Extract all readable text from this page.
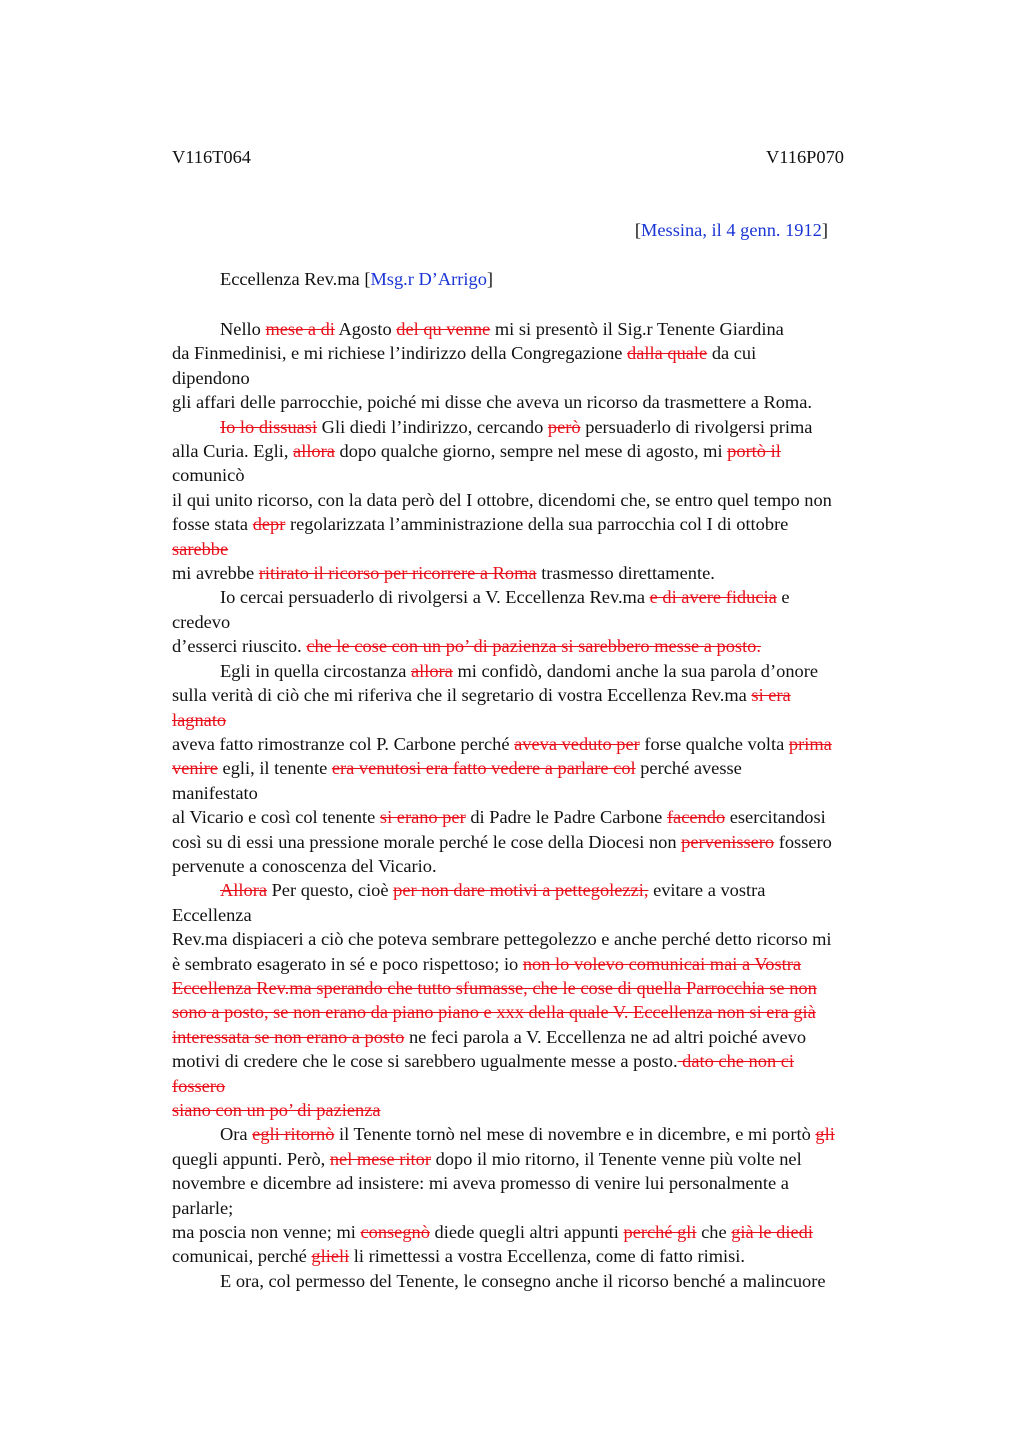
V116T064	V116P070
[Messina, il 4 genn. 1912]
Eccellenza Rev.ma [Msg.r D’Arrigo]

Nello mese a di Agosto del qu venne mi si presentò il Sig.r Tenente Giardina
da Finmedinisi, e mi richiese l’indirizzo della Congregazione dalla quale da cui

dipendono

gli affari delle parrocchie, poiché mi disse che aveva un ricorso da trasmettere a Roma.

Io lo dissuasi Gli diedi l’indirizzo, cercando però persuaderlo di rivolgersi prima
alla Curia. Egli, allora dopo qualche giorno, sempre nel mese di agosto, mi portò il

comunicò

il qui unito ricorso, con la data però del I ottobre, dicendomi che, se entro quel tempo non
fosse stata depr regolarizzata l’amministrazione della sua parrocchia col I di ottobre

sarebbe

mi avrebbe ritirato il ricorso per ricorrere a Roma trasmesso direttamente.

Io cercai persuaderlo di rivolgersi a V. Eccellenza Rev.ma e di avere fiducia e

credevo

d’esserci riuscito. che le cose con un po’ di pazienza si sarebbero messe a posto.

Egli in quella circostanza allora mi confidò, dandomi anche la sua parola d’onore
sulla verità di ciò che mi riferiva che il segretario di vostra Eccellenza Rev.ma si era

lagnato

aveva fatto rimostranze col P. Carbone perché aveva veduto per forse qualche volta prima
venire egli, il tenente era venutosi era fatto vedere a parlare col perché avesse

manifestato

al Vicario e così col tenente si erano per di Padre le Padre Carbone facendo esercitandosi
così su di essi una pressione morale perché le cose della Diocesi non pervenissero fossero
pervenute a conoscenza del Vicario.

Allora Per questo, cioè per non dare motivi a pettegolezzi, evitare a vostra

Eccellenza

Rev.ma dispiaceri a ciò che poteva sembrare pettegolezzo e anche perché detto ricorso mi
è sembrato esagerato in sé e poco rispettoso; io non lo volevo comunicai mai a Vostra
Eccellenza Rev.ma sperando che tutto sfumasse, che le cose di quella Parrocchia se non
sono a posto, se non erano da piano piano e xxx della quale V. Eccellenza non si era già
interessata se non erano a posto ne feci parola a V. Eccellenza ne ad altri poiché avevo
motivi di credere che le cose si sarebbero ugualmente messe a posto. dato che non ci

fossero

siano con un po’ di pazienza

Ora egli ritornò il Tenente tornò nel mese di novembre e in dicembre, e mi portò gli
quegli appunti. Però, nel mese ritor dopo il mio ritorno, il Tenente venne più volte nel
novembre e dicembre ad insistere: mi aveva promesso di venire lui personalmente a

parlarle;

ma poscia non venne; mi consegnò diede quegli altri appunti perché gli che già le diedi
comunicai, perché glieli li rimettessi a vostra Eccellenza, come di fatto rimisi.

E ora, col permesso del Tenente, le consegno anche il ricorso benché a malincuore
